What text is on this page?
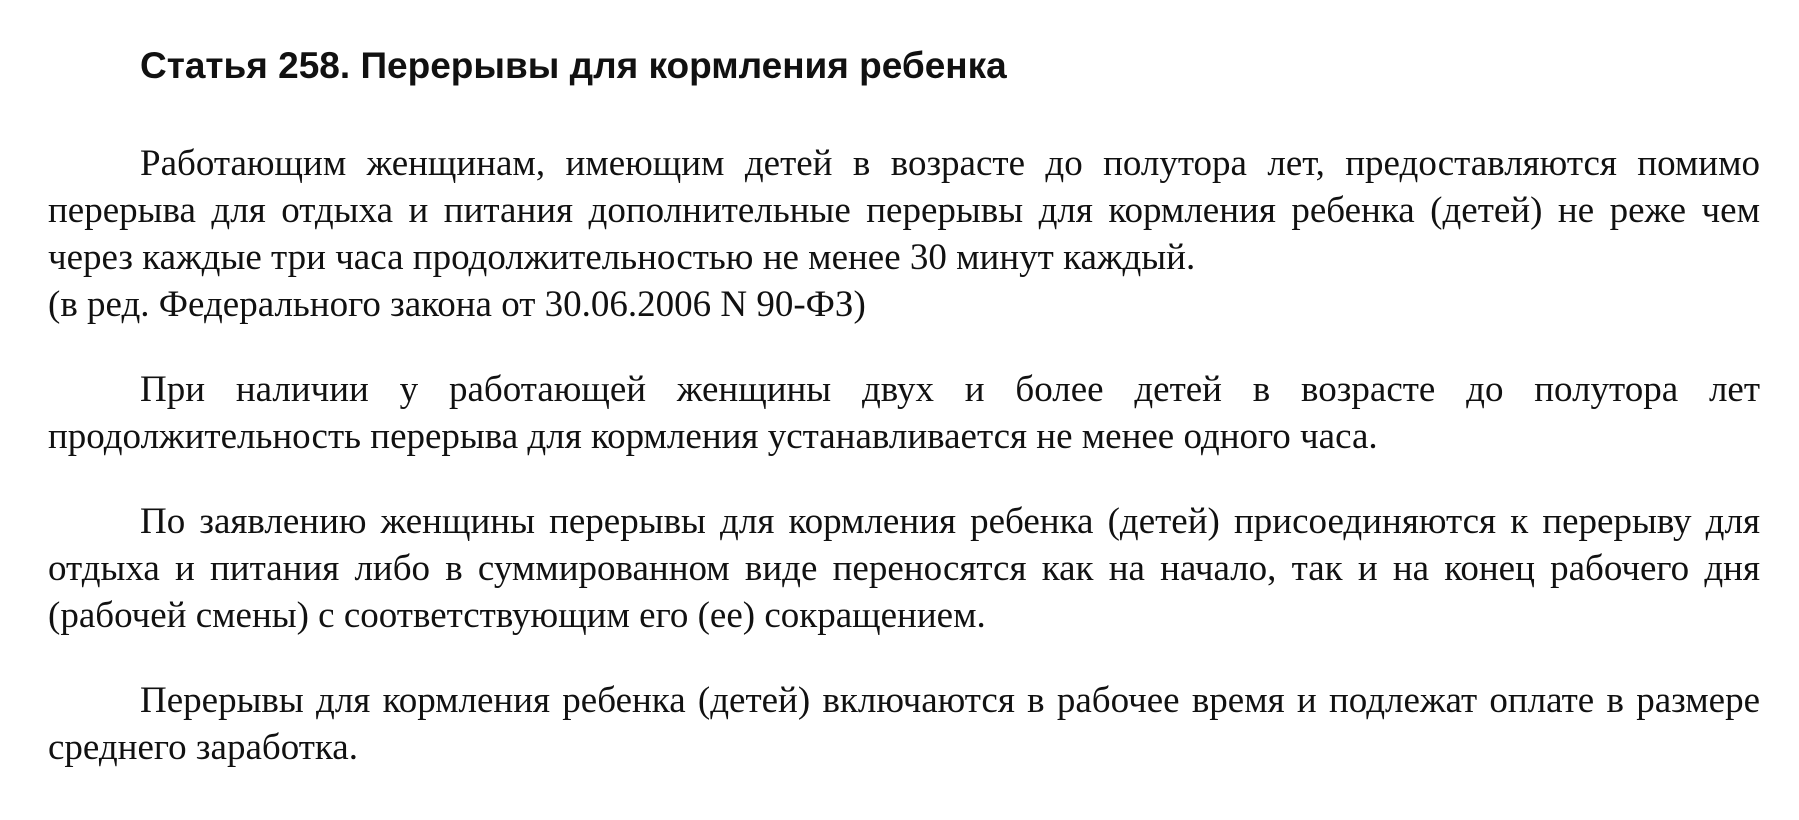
Статья 258. Перерывы для кормления ребенка

Работающим женщинам, имеющим детей в возрасте до полутора лет, предоставляются помимо перерыва для отдыха и питания дополнительные перерывы для кормления ребенка (детей) не реже чем через каждые три часа продолжительностью не менее 30 минут каждый.

(в ред. Федерального закона от 30.06.2006 N 90-ФЗ)

При наличии у работающей женщины двух и более детей в возрасте до полутора лет продолжительность перерыва для кормления устанавливается не менее одного часа.

По заявлению женщины перерывы для кормления ребенка (детей) присоединяются к перерыву для отдыха и питания либо в суммированном виде переносятся как на начало, так и на конец рабочего дня (рабочей смены) с соответствующим его (ее) сокращением.

Перерывы для кормления ребенка (детей) включаются в рабочее время и подлежат оплате в размере среднего заработка.
